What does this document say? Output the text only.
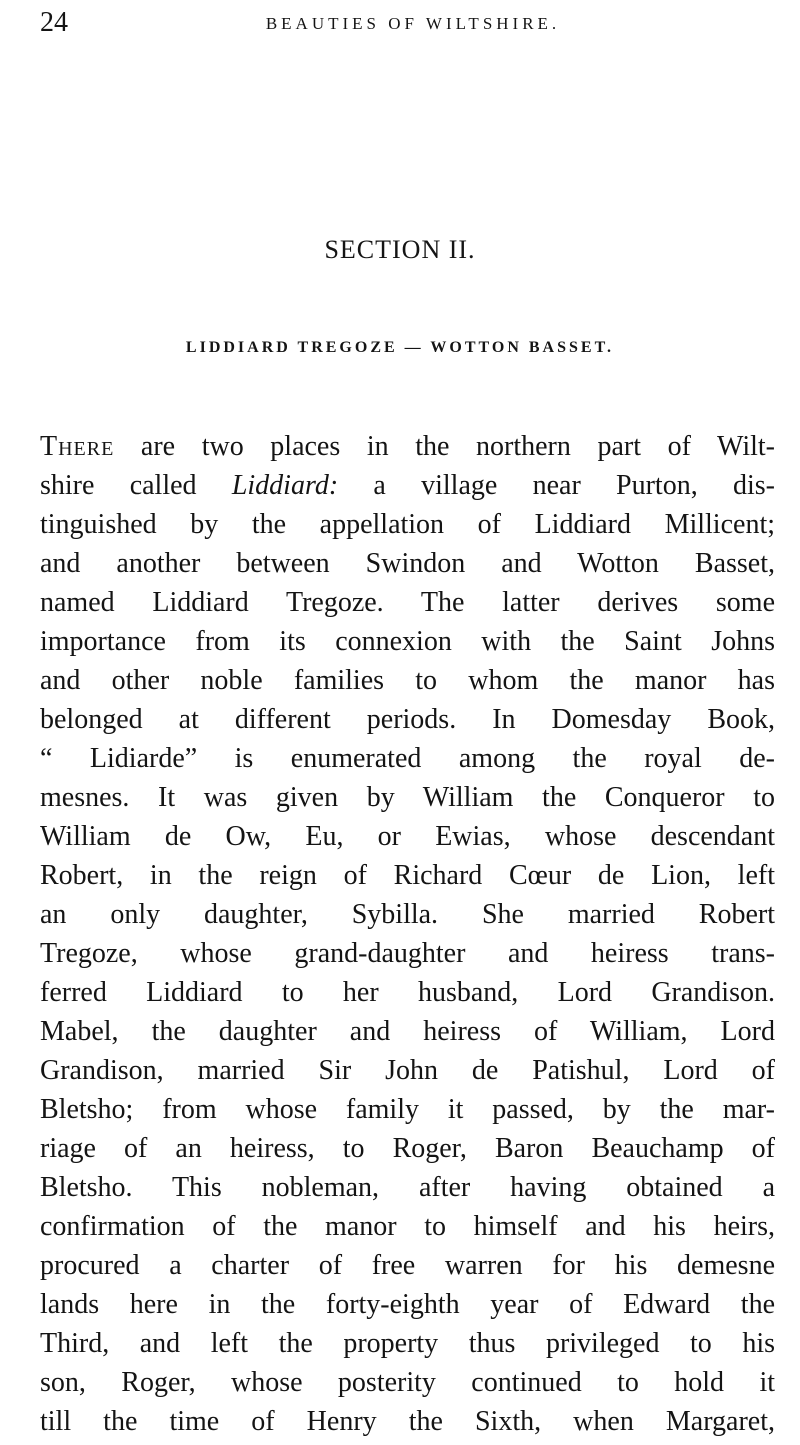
24	BEAUTIES OF WILTSHIRE.
SECTION II.
LIDDIARD TREGOZE — WOTTON BASSET.
There are two places in the northern part of Wilt-
shire called Liddiard: a village near Purton, dis-
tinguished by the appellation of Liddiard Millicent;
and another between Swindon and Wotton Basset,
named Liddiard Tregoze. The latter derives some
importance from its connexion with the Saint Johns
and other noble families to whom the manor has
belonged at different periods. In Domesday Book,
“ Lidiarde” is enumerated among the royal de-
mesnes. It was given by William the Conqueror to
William de Ow, Eu, or Ewias, whose descendant
Robert, in the reign of Richard Cœur de Lion, left
an only daughter, Sybilla. She married Robert
Tregoze, whose grand-daughter and heiress trans-
ferred Liddiard to her husband, Lord Grandison.
Mabel, the daughter and heiress of William, Lord
Grandison, married Sir John de Patishul, Lord of
Bletsho; from whose family it passed, by the mar-
riage of an heiress, to Roger, Baron Beauchamp of
Bletsho. This nobleman, after having obtained a
confirmation of the manor to himself and his heirs,
procured a charter of free warren for his demesne
lands here in the forty-eighth year of Edward the
Third, and left the property thus privileged to his
son, Roger, whose posterity continued to hold it
till the time of Henry the Sixth, when Margaret,
